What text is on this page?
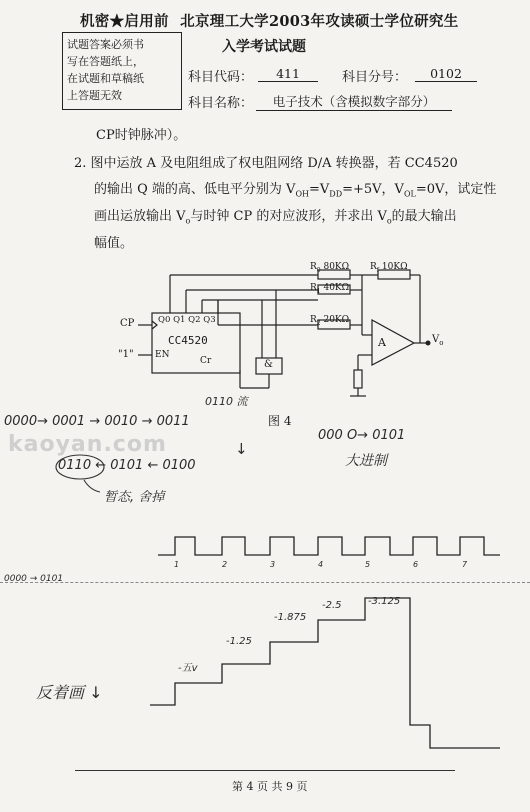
机密★启用前 北京理工大学2003年攻读硕士学位研究生
入学考试试题
试题答案必须书
写在答题纸上，
在试题和草稿纸
上答题无效
科目代码：	411	科目分号：	0102
科目名称：	电子技术（含模拟数字部分）
CP时钟脉冲）。
2. 图中运放 A 及电阻组成了权电阻网络 D/A 转换器，若 CC4520
的输出 Q 端的高、低电平分别为 $V_{OH}=V_{DD}=+5V$，$V_{OL}=0V$，试定性
画出运放输出 $V_o$与时钟 CP 的对应波形，并求出 $V_o$的最大输出
幅值。
$R_0$ 80KΩ $R_f$ 10KΩ
$R_1$ 40KΩ
$R_2$ 20KΩ
CP
"1" EN
Q0 Q1 Q2 Q3
CC4520
Cr
A	$V_o$
&
图 4
0110 流
0000→ 0001 → 0010 → 0011
000 O→ 0101
↓
大进制
0110 ← 0101 ← 0100
暂态, 舍掉
1	2	3	4	5	6	7
0000 → 0101
-五v
-1.25
-1.875
-2.5	-3.125
反着画 ↓
kaoyan.com
第 4 页 共 9 页
